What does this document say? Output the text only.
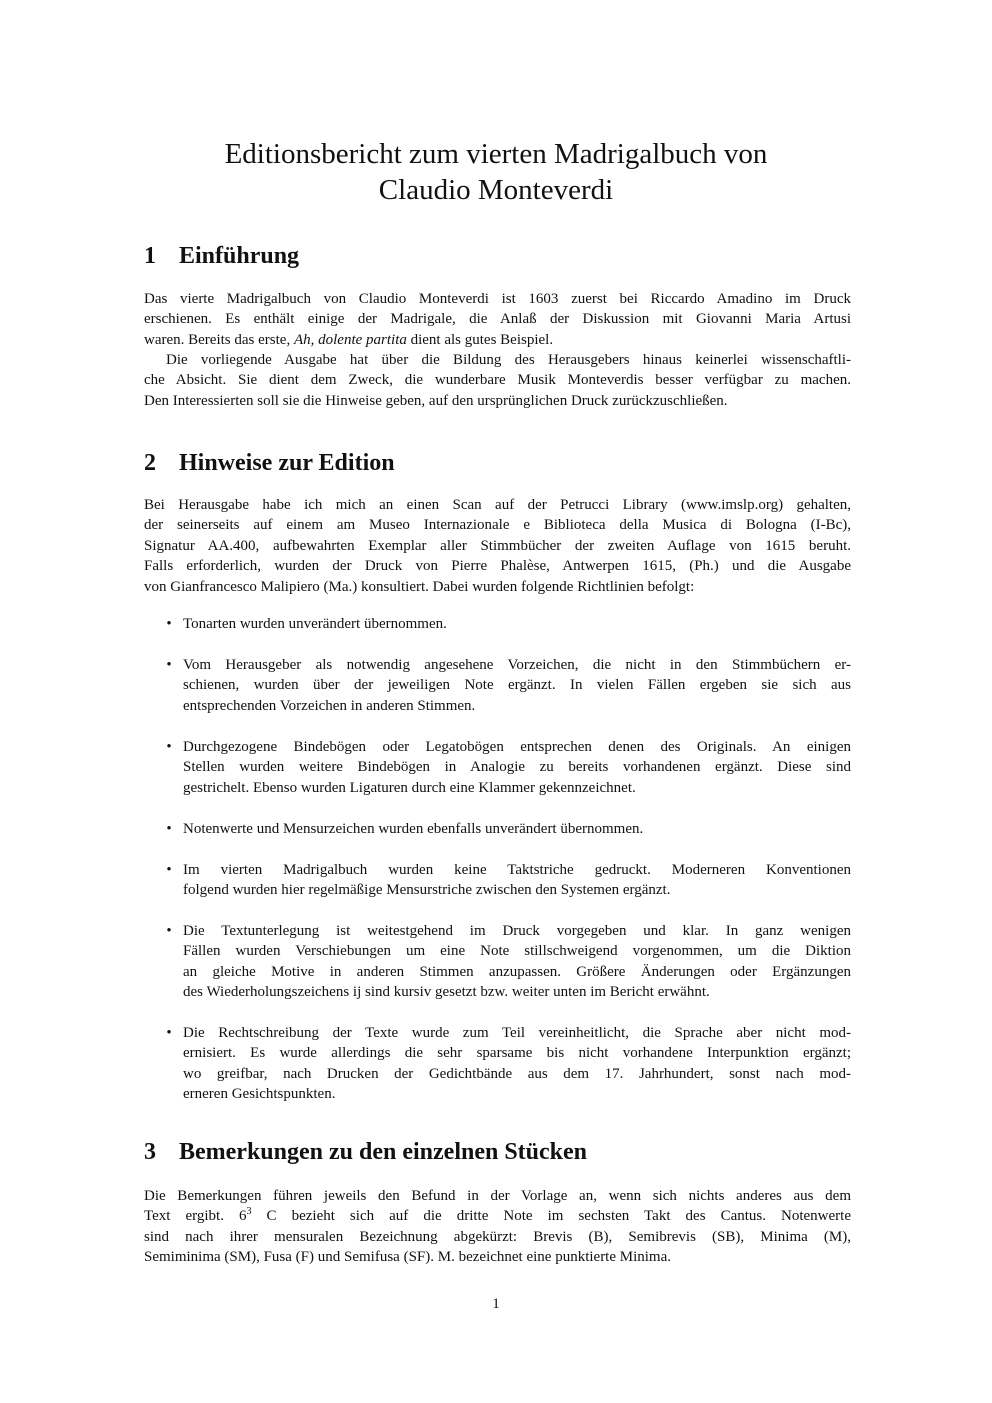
Editionsbericht zum vierten Madrigalbuch von
Claudio Monteverdi
1 Einführung
Das vierte Madrigalbuch von Claudio Monteverdi ist 1603 zuerst bei Riccardo Amadino im Druck
erschienen. Es enthält einige der Madrigale, die Anlaß der Diskussion mit Giovanni Maria Artusi
waren. Bereits das erste, Ah, dolente partita dient als gutes Beispiel.
Die vorliegende Ausgabe hat über die Bildung des Herausgebers hinaus keinerlei wissenschaftli-
che Absicht. Sie dient dem Zweck, die wunderbare Musik Monteverdis besser verfügbar zu machen.
Den Interessierten soll sie die Hinweise geben, auf den ursprünglichen Druck zurückzuschließen.
2 Hinweise zur Edition
Bei Herausgabe habe ich mich an einen Scan auf der Petrucci Library (www.imslp.org) gehalten,
der seinerseits auf einem am Museo Internazionale e Biblioteca della Musica di Bologna (I-Bc),
Signatur AA.400, aufbewahrten Exemplar aller Stimmbücher der zweiten Auflage von 1615 beruht.
Falls erforderlich, wurden der Druck von Pierre Phalèse, Antwerpen 1615, (Ph.) und die Ausgabe
von Gianfrancesco Malipiero (Ma.) konsultiert. Dabei wurden folgende Richtlinien befolgt:
• Tonarten wurden unverändert übernommen.
• Vom Herausgeber als notwendig angesehene Vorzeichen, die nicht in den Stimmbüchern er-
schienen, wurden über der jeweiligen Note ergänzt. In vielen Fällen ergeben sie sich aus
entsprechenden Vorzeichen in anderen Stimmen.
• Durchgezogene Bindebögen oder Legatobögen entsprechen denen des Originals. An einigen
Stellen wurden weitere Bindebögen in Analogie zu bereits vorhandenen ergänzt. Diese sind
gestrichelt. Ebenso wurden Ligaturen durch eine Klammer gekennzeichnet.
• Notenwerte und Mensurzeichen wurden ebenfalls unverändert übernommen.
• Im vierten Madrigalbuch wurden keine Taktstriche gedruckt. Moderneren Konventionen
folgend wurden hier regelmäßige Mensurstriche zwischen den Systemen ergänzt.
• Die Textunterlegung ist weitestgehend im Druck vorgegeben und klar. In ganz wenigen
Fällen wurden Verschiebungen um eine Note stillschweigend vorgenommen, um die Diktion
an gleiche Motive in anderen Stimmen anzupassen. Größere Änderungen oder Ergänzungen
des Wiederholungszeichens ij sind kursiv gesetzt bzw. weiter unten im Bericht erwähnt.
• Die Rechtschreibung der Texte wurde zum Teil vereinheitlicht, die Sprache aber nicht mod-
ernisiert. Es wurde allerdings die sehr sparsame bis nicht vorhandene Interpunktion ergänzt;
wo greifbar, nach Drucken der Gedichtbände aus dem 17. Jahrhundert, sonst nach mod-
erneren Gesichtspunkten.
3 Bemerkungen zu den einzelnen Stücken
Die Bemerkungen führen jeweils den Befund in der Vorlage an, wenn sich nichts anderes aus dem
Text ergibt. $6^3$ C bezieht sich auf die dritte Note im sechsten Takt des Cantus. Notenwerte
sind nach ihrer mensuralen Bezeichnung abgekürzt: Brevis (B), Semibrevis (SB), Minima (M),
Semiminima (SM), Fusa (F) und Semifusa (SF). M. bezeichnet eine punktierte Minima.
1
